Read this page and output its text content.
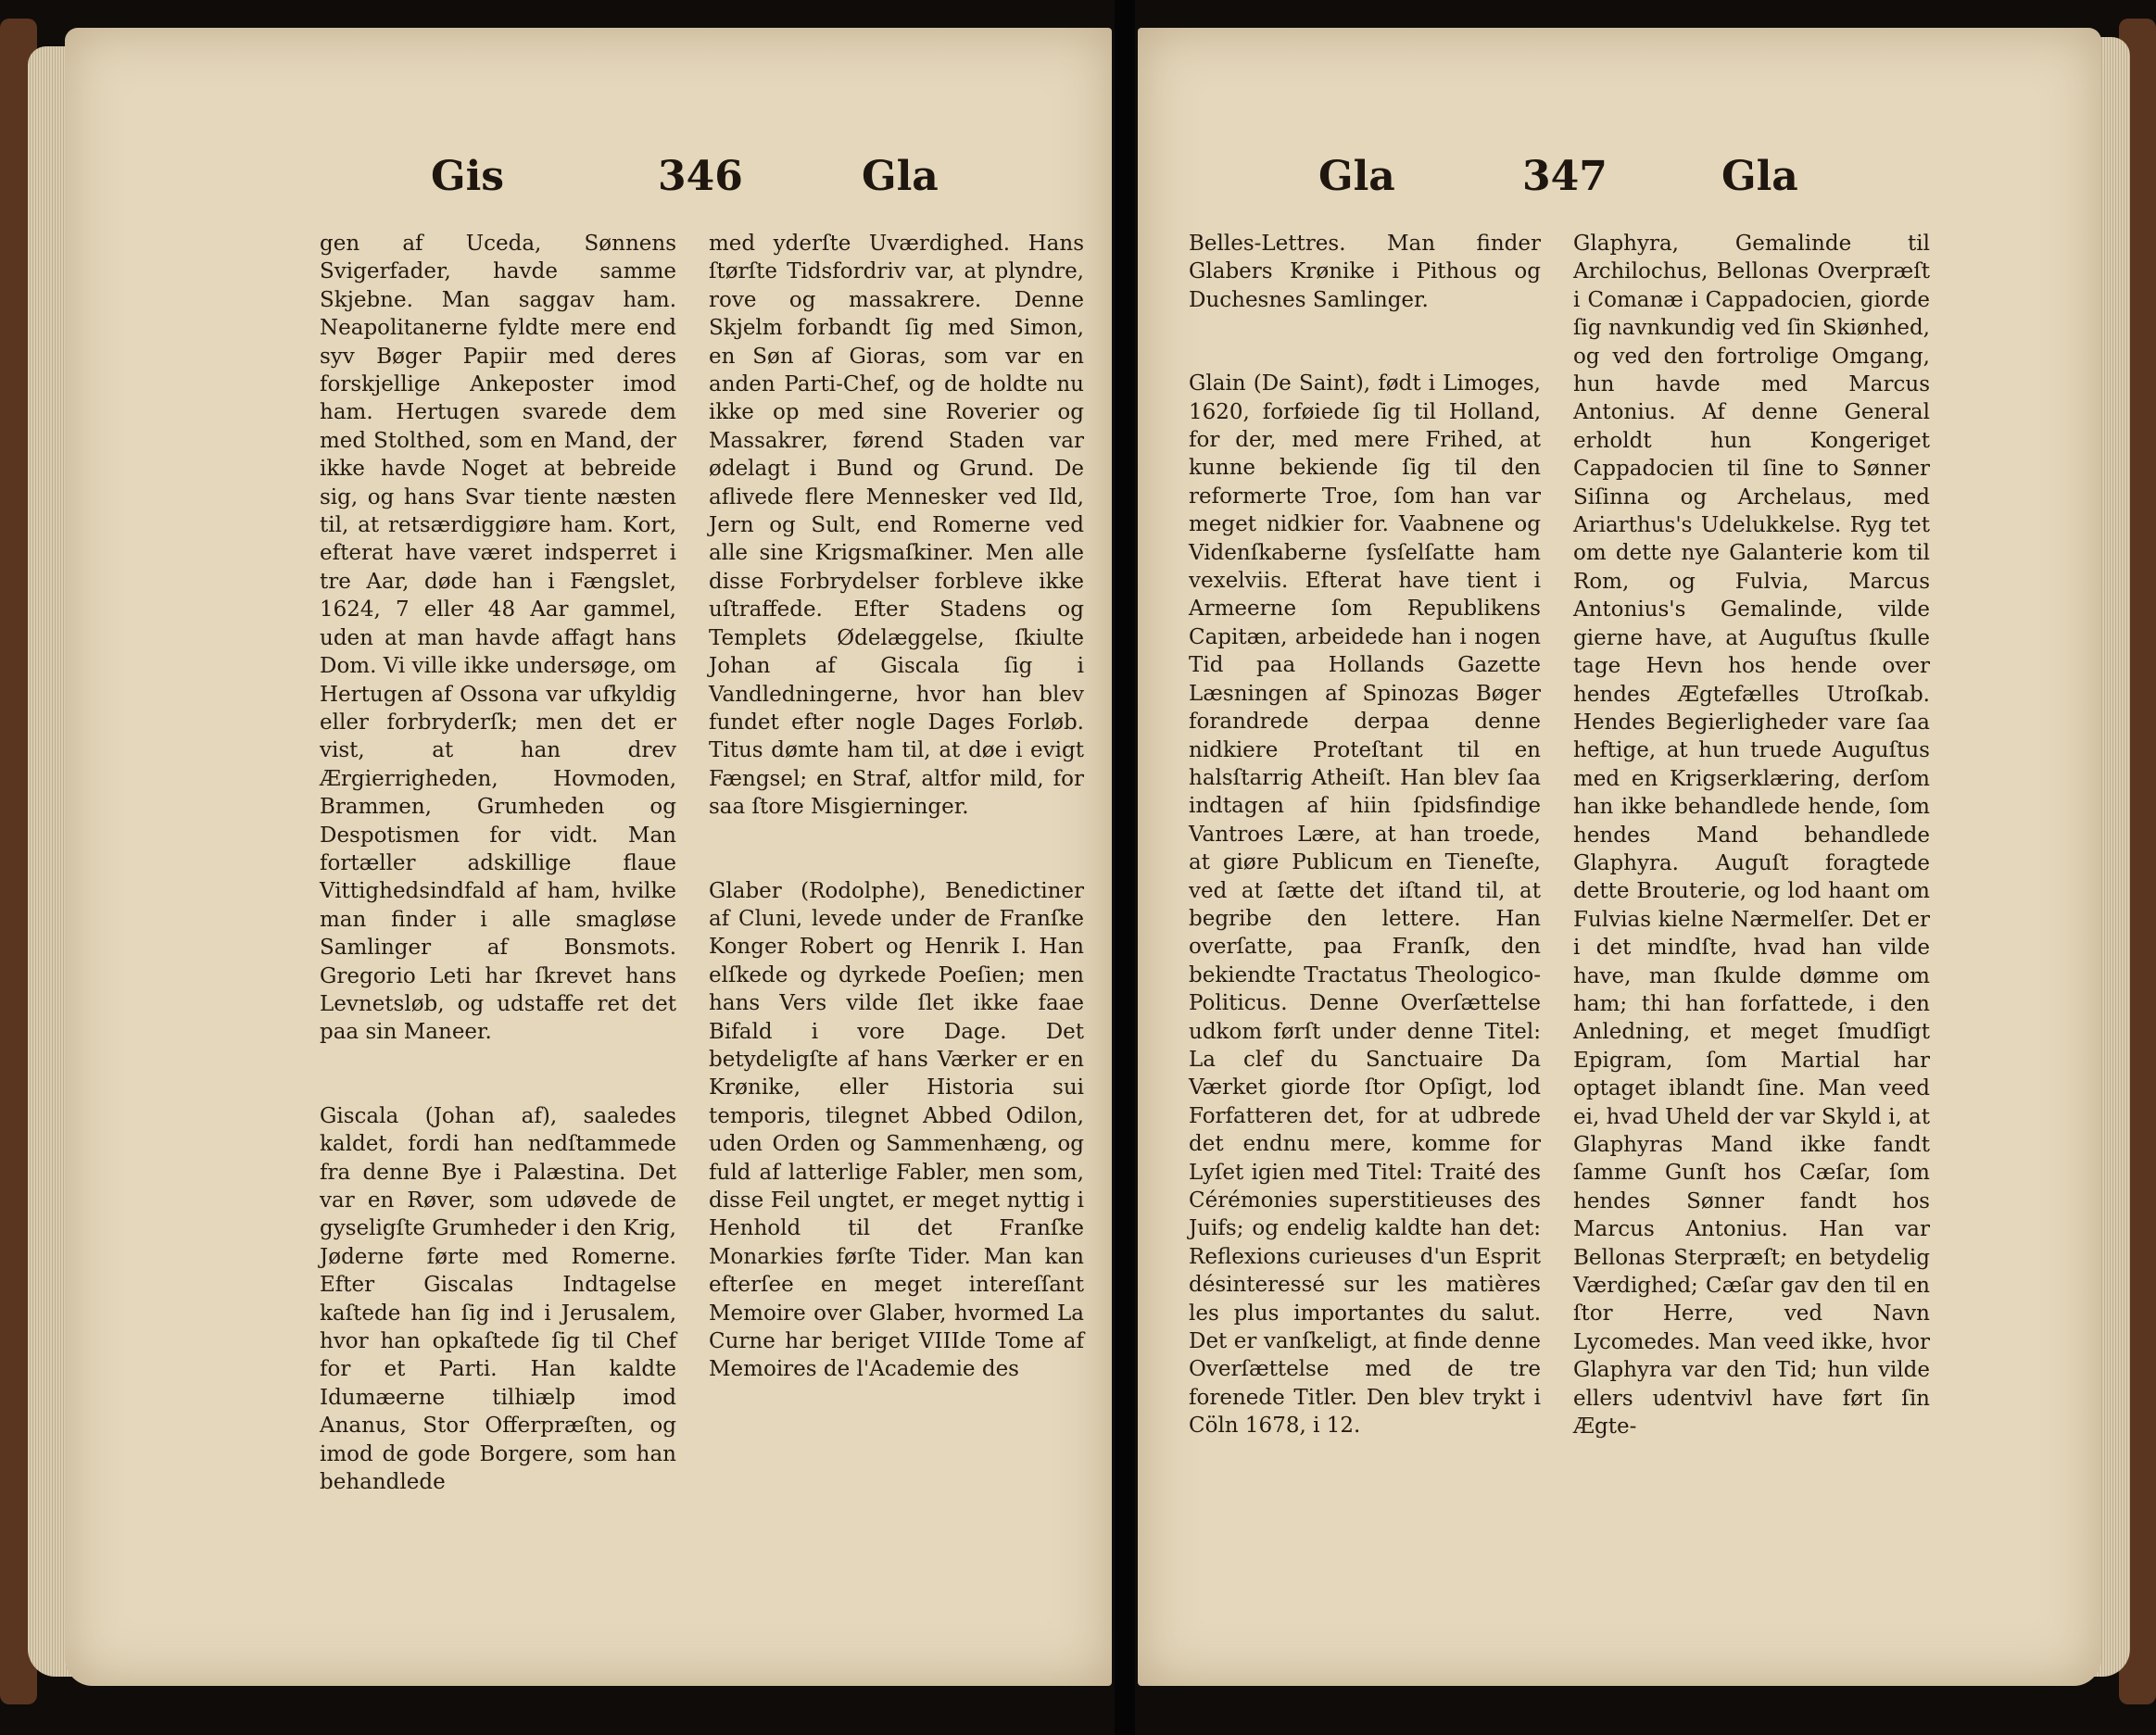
Gis	346	Gla

gen af Uceda, Sønnens Svigerfader, havde samme Skjebne. Man saggav ham. Neapolitanerne fyldte mere end syv Bøger Papiir med deres forskjellige Ankeposter imod ham. Hertugen svarede dem med Stolthed, som en Mand, der ikke havde Noget at bebreide sig, og hans Svar tiente næsten til, at retsærdiggiøre ham. Kort, efterat have været indsperret i tre Aar, døde han i Fængslet, 1624, 7 eller 48 Aar gammel, uden at man havde affagt hans Dom. Vi ville ikke undersøge, om Hertugen af Ossona var ufkyldig eller forbryderſk; men det er vist, at han drev Ærgierrigheden, Hovmoden, Brammen, Grumheden og Despotismen for vidt. Man fortæller adskillige flaue Vittighedsindfald af ham, hvilke man finder i alle smagløse Samlinger af Bonsmots. Gregorio Leti har ſkrevet hans Levnetsløb, og udstaffe ret det paa sin Maneer.

Giscala (Johan af), saaledes kaldet, fordi han nedſtammede fra denne Bye i Palæstina. Det var en Røver, som udøvede de gyseligſte Grumheder i den Krig, Jøderne førte med Romerne. Efter Giscalas Indtagelse kaſtede han ſig ind i Jerusalem, hvor han opkaſtede ſig til Chef for et Parti. Han kaldte Idumæerne tilhiælp imod Ananus, Stor Offerpræſten, og imod de gode Borgere, som han behandlede

med yderſte Uværdighed. Hans ſtørſte Tidsfordriv var, at plyndre, rove og massakrere. Denne Skjelm forbandt ſig med Simon, en Søn af Gioras, som var en anden Parti-Chef, og de holdte nu ikke op med sine Roverier og Massakrer, førend Staden var ødelagt i Bund og Grund. De aflivede flere Mennesker ved Ild, Jern og Sult, end Romerne ved alle sine Krigsmaſkiner. Men alle disse Forbrydelser forbleve ikke uſtraffede. Efter Stadens og Templets Ødelæggelse, ſkiulte Johan af Giscala ſig i Vandledningerne, hvor han blev fundet efter nogle Dages Forløb. Titus dømte ham til, at døe i evigt Fængsel; en Straf, altfor mild, for saa ſtore Misgierninger.

Glaber (Rodolphe), Benedictiner af Cluni, levede under de Franſke Konger Robert og Henrik I. Han elſkede og dyrkede Poeſien; men hans Vers vilde ſlet ikke faae Bifald i vore Dage. Det betydeligſte af hans Værker er en Krønike, eller Historia sui temporis, tilegnet Abbed Odilon, uden Orden og Sammenhæng, og fuld af latterlige Fabler, men som, disse Feil ungtet, er meget nyttig i Henhold til det Franſke Monarkies førſte Tider. Man kan efterſee en meget intereſſant Memoire over Glaber, hvormed La Curne har beriget VIIIde Tome af Memoires de l'Academie des

Gla	347	Gla

Belles-Lettres. Man finder Glabers Krønike i Pithous og Duchesnes Samlinger.

Glain (De Saint), født i Limoges, 1620, forføiede ſig til Holland, for der, med mere Frihed, at kunne bekiende ſig til den reformerte Troe, ſom han var meget nidkier for. Vaabnene og Videnſkaberne ſysſelſatte ham vexelviis. Efterat have tient i Armeerne ſom Republikens Capitæn, arbeidede han i nogen Tid paa Hollands Gazette Læsningen af Spinozas Bøger forandrede derpaa denne nidkiere Proteſtant til en halsſtarrig Atheiſt. Han blev ſaa indtagen af hiin ſpidsfindige Vantroes Lære, at han troede, at giøre Publicum en Tieneſte, ved at ſætte det iſtand til, at begribe den lettere. Han overſatte, paa Franſk, den bekiendte Tractatus Theologico-Politicus. Denne Overſættelse udkom førſt under denne Titel: La clef du Sanctuaire Da Værket giorde ſtor Opſigt, lod Forfatteren det, for at udbrede det endnu mere, komme for Lyſet igien med Titel: Traité des Cérémonies superstitieuses des Juifs; og endelig kaldte han det: Reflexions curieuses d'un Esprit désinteressé sur les matières les plus importantes du salut. Det er vanſkeligt, at finde denne Overſættelse med de tre forenede Titler. Den blev trykt i Cöln 1678, i 12.

Glaphyra, Gemalinde til Archilochus, Bellonas Overpræſt i Comanæ i Cappadocien, giorde ſig navnkundig ved ſin Skiønhed, og ved den fortrolige Omgang, hun havde med Marcus Antonius. Af denne General erholdt hun Kongeriget Cappadocien til ſine to Sønner Siſinna og Archelaus, med Ariarthus's Udelukkelse. Ryg tet om dette nye Galanterie kom til Rom, og Fulvia, Marcus Antonius's Gemalinde, vilde gierne have, at Auguſtus ſkulle tage Hevn hos hende over hendes Ægtefælles Utroſkab. Hendes Begierligheder vare ſaa heftige, at hun truede Auguſtus med en Krigserklæring, derſom han ikke behandlede hende, ſom hendes Mand behandlede Glaphyra. Auguſt foragtede dette Brouterie, og lod haant om Fulvias kielne Nærmelſer. Det er i det mindſte, hvad han vilde have, man ſkulde dømme om ham; thi han forfattede, i den Anledning, et meget ſmudſigt Epigram, ſom Martial har optaget iblandt ſine. Man veed ei, hvad Uheld der var Skyld i, at Glaphyras Mand ikke fandt ſamme Gunſt hos Cæſar, ſom hendes Sønner fandt hos Marcus Antonius. Han var Bellonas Sterpræſt; en betydelig Værdighed; Cæſar gav den til en ſtor Herre, ved Navn Lycomedes. Man veed ikke, hvor Glaphyra var den Tid; hun vilde ellers udentvivl have ført ſin Ægte-
